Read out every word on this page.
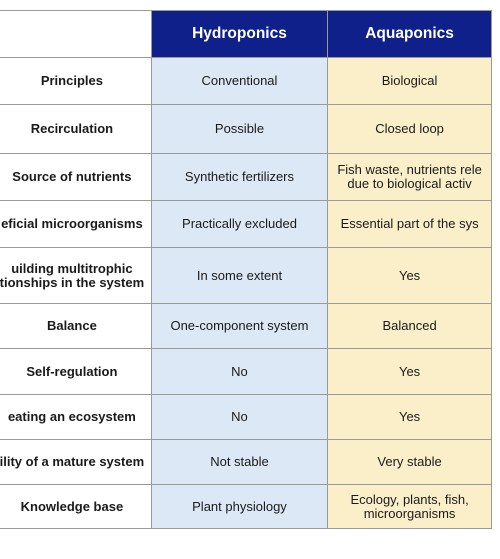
	Hydroponics	Aquaponics
Principles	Conventional	Biological
Recirculation	Possible	Closed loop
Source of nutrients	Synthetic fertilizers	Fish waste, nutrients rele
due to biological activ
eficial microorganisms	Practically excluded	Essential part of the sys
uilding multitrophic
tionships in the system	In some extent	Yes
Balance	One-component system	Balanced
Self-regulation	No	Yes
eating an ecosystem	No	Yes
ility of a mature system	Not stable	Very stable
Knowledge base	Plant physiology	Ecology, plants, fish,
microorganisms
